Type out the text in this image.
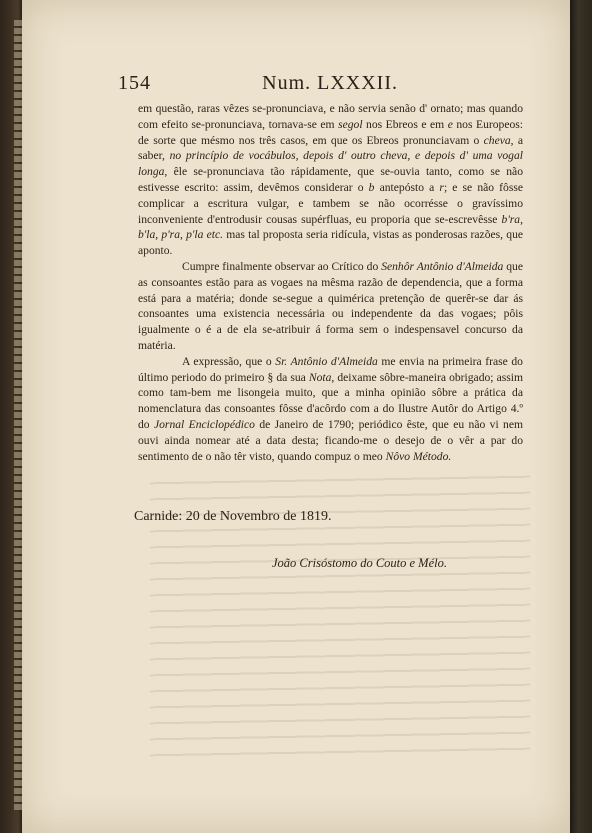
154	Num. LXXXII.

em questão, raras vêzes se-pronunciava, e não servia senão d' ornato; mas quando com efeito se-pronunciava, tornava-se em segol nos Ebreos e em e nos Europeos: de sorte que mésmo nos três casos, em que os Ebreos pronunciavam o cheva, a saber, no princípio de vocábulos, depois d' outro cheva, e depois d' uma vogal longa, êle se-pronunciava tão rápidamente, que se-ouvia tanto, como se não estivesse escrito: assim, devêmos considerar o b antepósto a r; e se não fôsse complicar a escritura vulgar, e tambem se não ocorrésse o gravíssimo inconveniente d'entrodusir cousas supérfluas, eu proporia que se-escrevêsse b'ra, b'la, p'ra, p'la etc. mas tal proposta seria ridícula, vistas as ponderosas razões, que aponto.

Cumpre finalmente observar ao Crítico do Senhôr Antônio d'Almeida que as consoantes estão para as vogaes na mêsma razão de dependencia, que a forma está para a matéria; donde se-segue a quimérica pretenção de querêr-se dar ás consoantes uma existencia necessária ou independente da das vogaes; pôis igualmente o é a de ela se-atribuir á forma sem o indespensavel concurso da matéria.

A expressão, que o Sr. Antônio d'Almeida me envia na primeira frase do último periodo do primeiro § da sua Nota, deixame sôbre-maneira obrigado; assim como tam-bem me lisongeia muito, que a minha opinião sôbre a prática da nomenclatura das consoantes fôsse d'acôrdo com a do Ilustre Autôr do Artigo 4.º do Jornal Enciclopédico de Janeiro de 1790; periódico êste, que eu não vi nem ouvi ainda nomear até a data desta; ficando-me o desejo de o vêr a par do sentimento de o não têr visto, quando compuz o meo Nôvo Método.

Carnide: 20 de Novembro de 1819.
João Crisóstomo do Couto e Mélo.
